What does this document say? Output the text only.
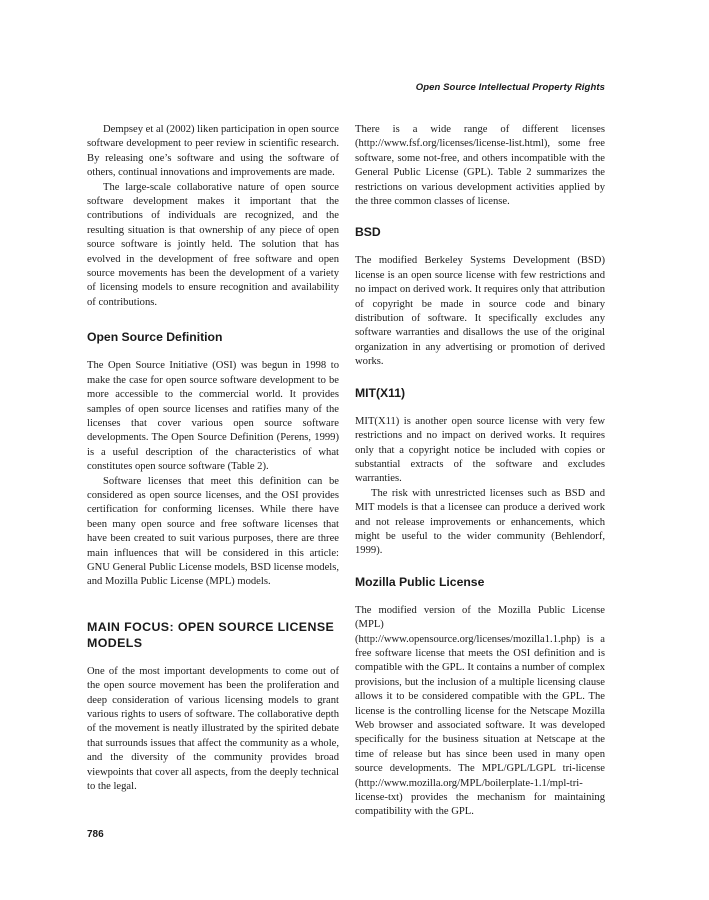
Open Source Intellectual Property Rights

Dempsey et al (2002) liken participation in open source software development to peer review in scientific research. By releasing one’s software and using the software of others, continual innovations and improvements are made.

The large-scale collaborative nature of open source software development makes it important that the contributions of individuals are recognized, and the resulting situation is that ownership of any piece of open source software is jointly held. The solution that has evolved in the development of free software and open source movements has been the development of a variety of licensing models to ensure recognition and availability of contributions.

Open Source Definition

The Open Source Initiative (OSI) was begun in 1998 to make the case for open source software development to be more accessible to the commercial world. It provides samples of open source licenses and ratifies many of the licenses that cover various open source software developments. The Open Source Definition (Perens, 1999) is a useful description of the characteristics of what constitutes open source software (Table 2).

Software licenses that meet this definition can be considered as open source licenses, and the OSI provides certification for conforming licenses. While there have been many open source and free software licenses that have been created to suit various purposes, there are three main influences that will be considered in this article: GNU General Public License models, BSD license models, and Mozilla Public License (MPL) models.

MAIN FOCUS: OPEN SOURCE LICENSE MODELS

One of the most important developments to come out of the open source movement has been the proliferation and deep consideration of various licensing models to grant various rights to users of software. The collaborative depth of the movement is neatly illustrated by the spirited debate that surrounds issues that affect the community as a whole, and the diversity of the community provides broad viewpoints that cover all aspects, from the deeply technical to the legal.

There is a wide range of different licenses (http://www.fsf.org/licenses/license-list.html), some free software, some not-free, and others incompatible with the General Public License (GPL). Table 2 summarizes the restrictions on various development activities applied by the three common classes of license.

BSD

The modified Berkeley Systems Development (BSD) license is an open source license with few restrictions and no impact on derived work. It requires only that attribution of copyright be made in source code and binary distribution of software. It specifically excludes any software warranties and disallows the use of the original organization in any advertising or promotion of derived works.

MIT(X11)

MIT(X11) is another open source license with very few restrictions and no impact on derived works. It requires only that a copyright notice be included with copies or substantial extracts of the software and excludes warranties.

The risk with unrestricted licenses such as BSD and MIT models is that a licensee can produce a derived work and not release improvements or enhancements, which might be useful to the wider community (Behlendorf, 1999).

Mozilla Public License

The modified version of the Mozilla Public License (MPL) (http://www.opensource.org/licenses/mozilla1.1.php) is a free software license that meets the OSI definition and is compatible with the GPL. It contains a number of complex provisions, but the inclusion of a multiple licensing clause allows it to be considered compatible with the GPL. The license is the controlling license for the Netscape Mozilla Web browser and associated software. It was developed specifically for the business situation at Netscape at the time of release but has since been used in many open source developments. The MPL/GPL/LGPL tri-license (http://www.mozilla.org/MPL/boilerplate-1.1/mpl-tri-license-txt) provides the mechanism for maintaining compatibility with the GPL.

786
